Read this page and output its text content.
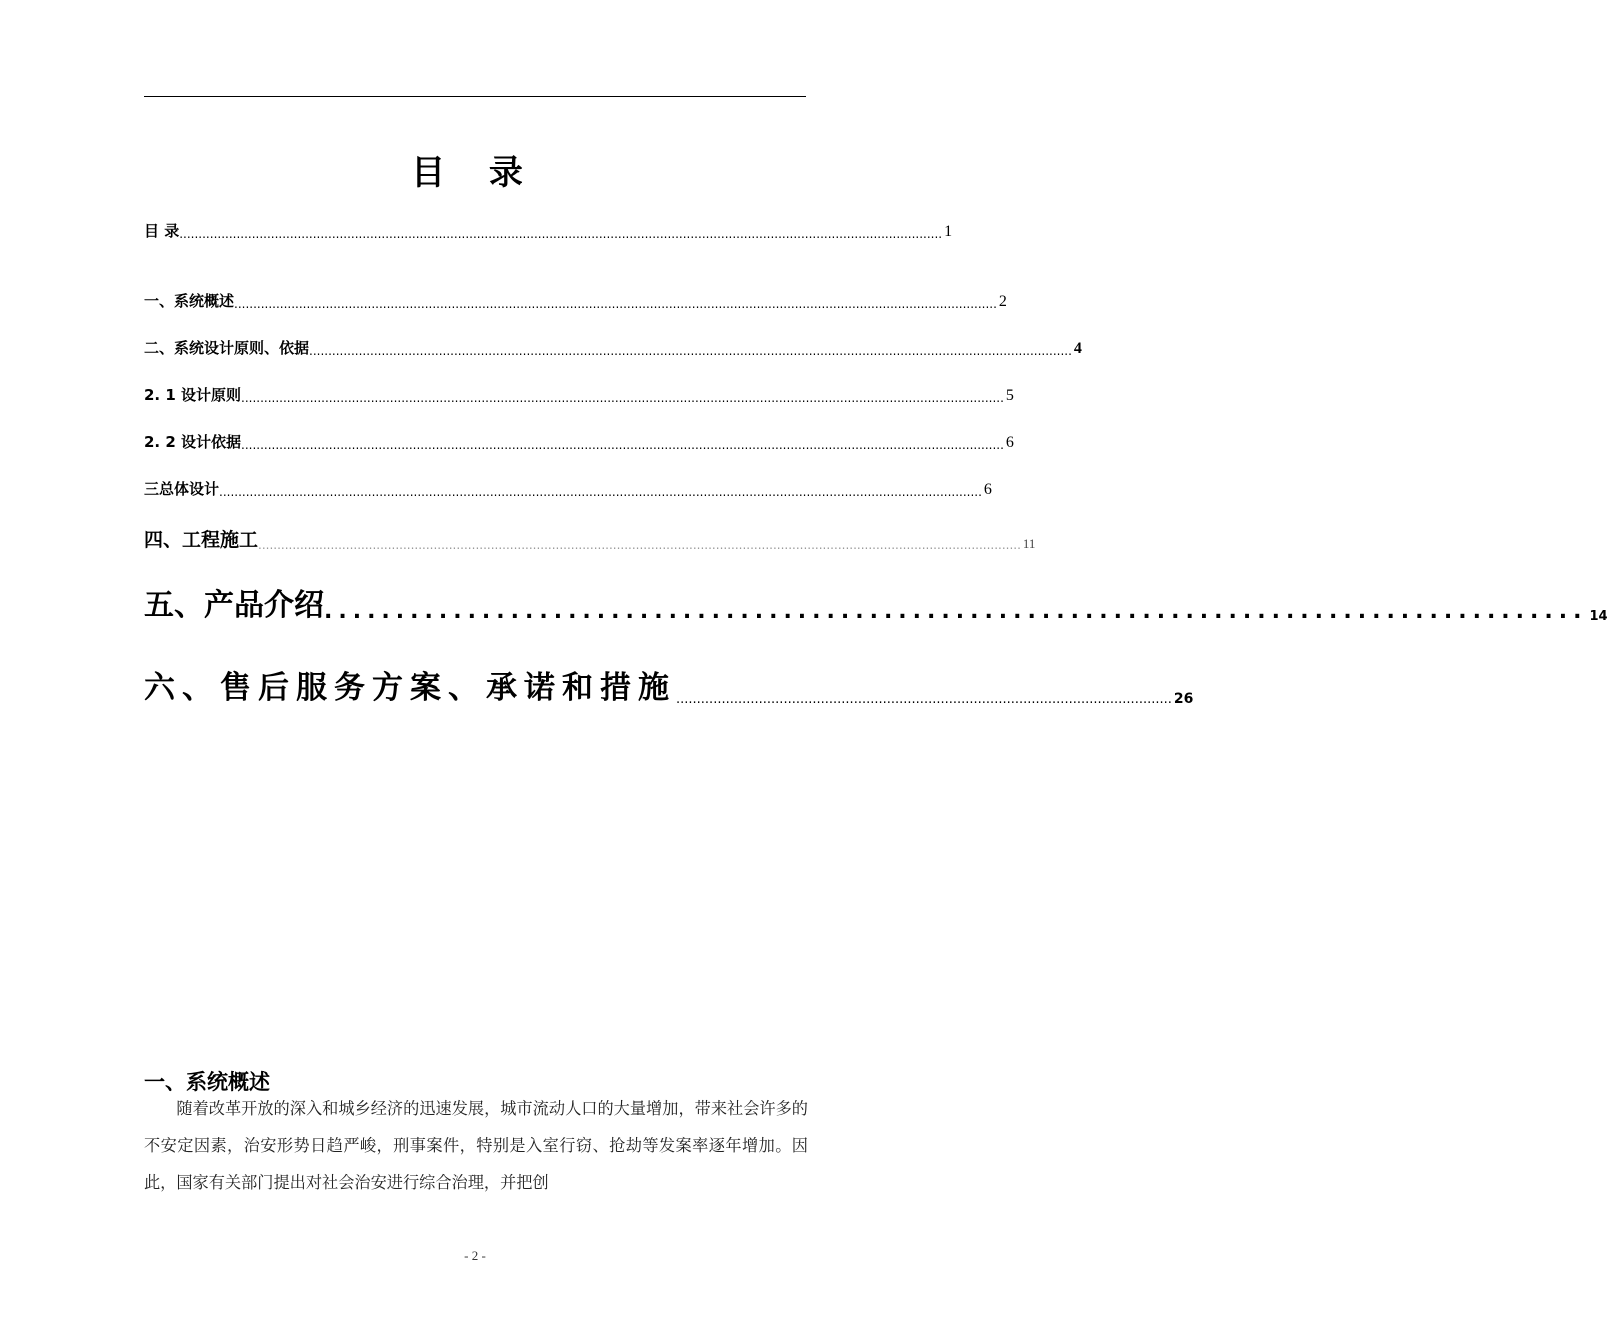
目 录
目 录 ........................................................................................................................................................................................................ 1
一、系统概述 ........................................................................................................................................................................................................ 2
二、系统设计原则、依据 ........................................................................................................................................................................................................ 4
2. 1 设计原则 ........................................................................................................................................................................................................ 5
2. 2 设计依据 ........................................................................................................................................................................................................ 6
三总体设计 ........................................................................................................................................................................................................ 6
四、工程施工 ........................................................................................................................................................................................................ 11
五、产品介绍 ........................................................................................ 14
六、售后服务方案、承诺和措施 ........................................................................................................................ 26
一、系统概述
随着改革开放的深入和城乡经济的迅速发展，城市流动人口的大量增加，带来社会许多的不安定因素，治安形势日趋严峻，刑事案件，特别是入室行窃、抢劫等发案率逐年增加。因此，国家有关部门提出对社会治安进行综合治理，并把创
- 2 -
